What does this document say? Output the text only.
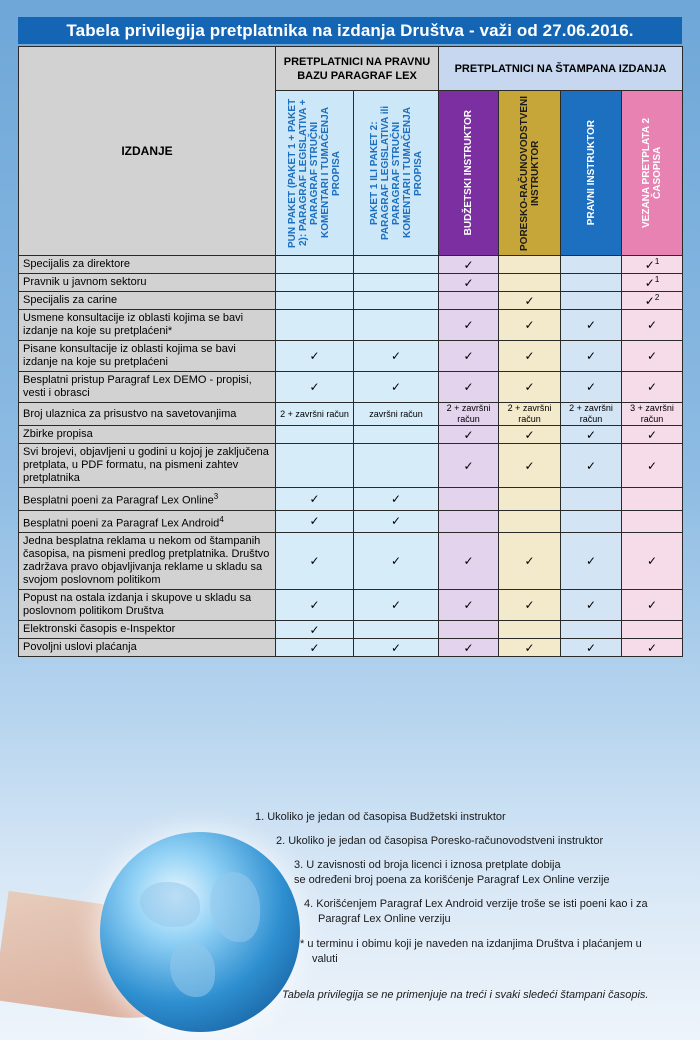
Tabela privilegija pretplatnika na izdanja Društva - važi od 27.06.2016.
IZDANJE	PRETPLATNICI NA PRAVNU BAZU PARAGRAF LEX		PRETPLATNICI NA ŠTAMPANA IZDANJA			

	PUN PAKET (PAKET 1 + PAKET 2): PARAGRAF LEGISLATIVA + PARAGRAF STRUČNI KOMENTARI I TUMAČENJA PROPISA	PAKET 1 ILI PAKET 2: PARAGRAF LEGISLATIVA ili PARAGRAF STRUČNI KOMENTARI I TUMAČENJA PROPISA	BUDŽETSKI INSTRUKTOR	PORESKO-RAČUNOVODSTVENI INSTRUKTOR	PRAVNI INSTRUKTOR	VEZANA PRETPLATA 2 ČASOPISA

Specijalis za direktore			✓			✓$^1$
Pravnik u javnom sektoru			✓			✓$^1$
Specijalis za carine				✓		✓$^2$
Usmene konsultacije iz oblasti kojima se bavi izdanje na koje su pretplaćeni*			✓	✓	✓	✓
Pisane konsultacije iz oblasti kojima se bavi izdanje na koje su pretplaćeni	✓	✓	✓	✓	✓	✓
Besplatni pristup Paragraf Lex DEMO - propisi, vesti i obrasci	✓	✓	✓	✓	✓	✓
Broj ulaznica za prisustvo na savetovanjima	2 + završni račun	završni račun	2 + završni račun	2 + završni račun	2 + završni račun	3 + završni račun
Zbirke propisa			✓	✓	✓	✓
Svi brojevi, objavljeni u godini u kojoj je zaključena pretplata, u PDF formatu, na pismeni zahtev pretplatnika			✓	✓	✓	✓
Besplatni poeni za Paragraf Lex Online$^3$	✓	✓				
Besplatni poeni za Paragraf Lex Android$^4$	✓	✓				
Jedna besplatna reklama u nekom od štampanih časopisa, na pismeni predlog pretplatnika. Društvo zadržava pravo objavljivanja reklame u skladu sa svojom poslovnom politikom	✓	✓	✓	✓	✓	✓
Popust na ostala izdanja i skupove u skladu sa poslovnom politikom Društva	✓	✓	✓	✓	✓	✓
Elektronski časopis e-Inspektor	✓					
Povoljni uslovi plaćanja	✓	✓	✓	✓	✓	✓
1. Ukoliko je jedan od časopisa Budžetski instruktor
2. Ukoliko je jedan od časopisa Poresko-računovodstveni instruktor
3. U zavisnosti od broja licenci i iznosa pretplate dobija
se određeni broj poena za korišćenje Paragraf Lex Online verzije
4. Korišćenjem Paragraf Lex Android verzije troše se isti poeni kao i za
Paragraf Lex Online verziju
* u terminu i obimu koji je naveden na izdanjima Društva i plaćanjem u
valuti
Tabela privilegija se ne primenjuje na treći i svaki sledeći štampani časopis.
